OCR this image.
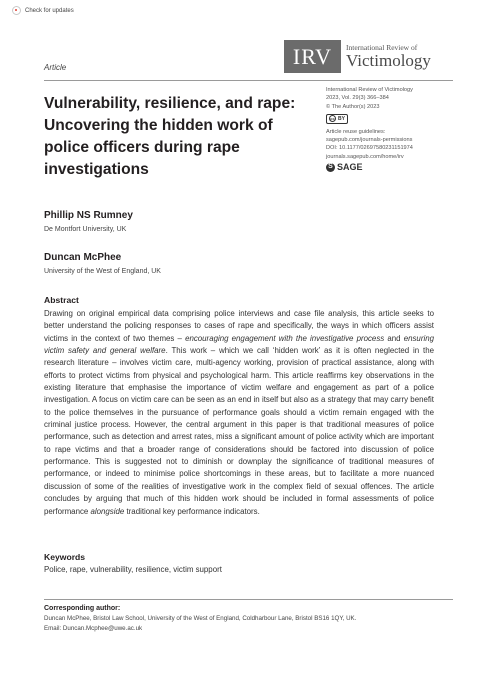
Check for updates
IRV	International Review of
Victimology
Article
Vulnerability, resilience, and rape: Uncovering the hidden work of police officers during rape investigations
International Review of Victimology
2023, Vol. 29(3) 366–384
© The Author(s) 2023
cc BY
Article reuse guidelines:
sagepub.com/journals-permissions
DOI: 10.1177/02697580231151974
journals.sagepub.com/home/irv
S SAGE
Phillip NS Rumney
De Montfort University, UK
Duncan McPhee
University of the West of England, UK
Abstract
Drawing on original empirical data comprising police interviews and case file analysis, this article seeks to better understand the policing responses to cases of rape and specifically, the ways in which officers assist victims in the context of two themes – encouraging engagement with the investigative process and ensuring victim safety and general welfare. This work – which we call ‘hidden work’ as it is often neglected in the research literature – involves victim care, multi-agency working, provision of practical assistance, along with efforts to protect victims from physical and psychological harm. This article reaffirms key observations in the existing literature that emphasise the importance of victim welfare and engagement as part of a police investigation. A focus on victim care can be seen as an end in itself but also as a strategy that may carry benefit to the police themselves in the pursuance of performance goals should a victim remain engaged with the criminal justice process. However, the central argument in this paper is that traditional measures of police performance, such as detection and arrest rates, miss a significant amount of police activity which are important to rape victims and that a broader range of considerations should be factored into discussion of police performance. This is suggested not to diminish or downplay the significance of traditional measures of performance, or indeed to minimise police shortcomings in these areas, but to facilitate a more nuanced discussion of some of the realities of investigative work in the complex field of sexual offences. The article concludes by arguing that much of this hidden work should be included in formal assessments of police performance alongside traditional key performance indicators.
Keywords
Police, rape, vulnerability, resilience, victim support
Corresponding author:
Duncan McPhee, Bristol Law School, University of the West of England, Coldharbour Lane, Bristol BS16 1QY, UK.
Email: Duncan.Mcphee@uwe.ac.uk
